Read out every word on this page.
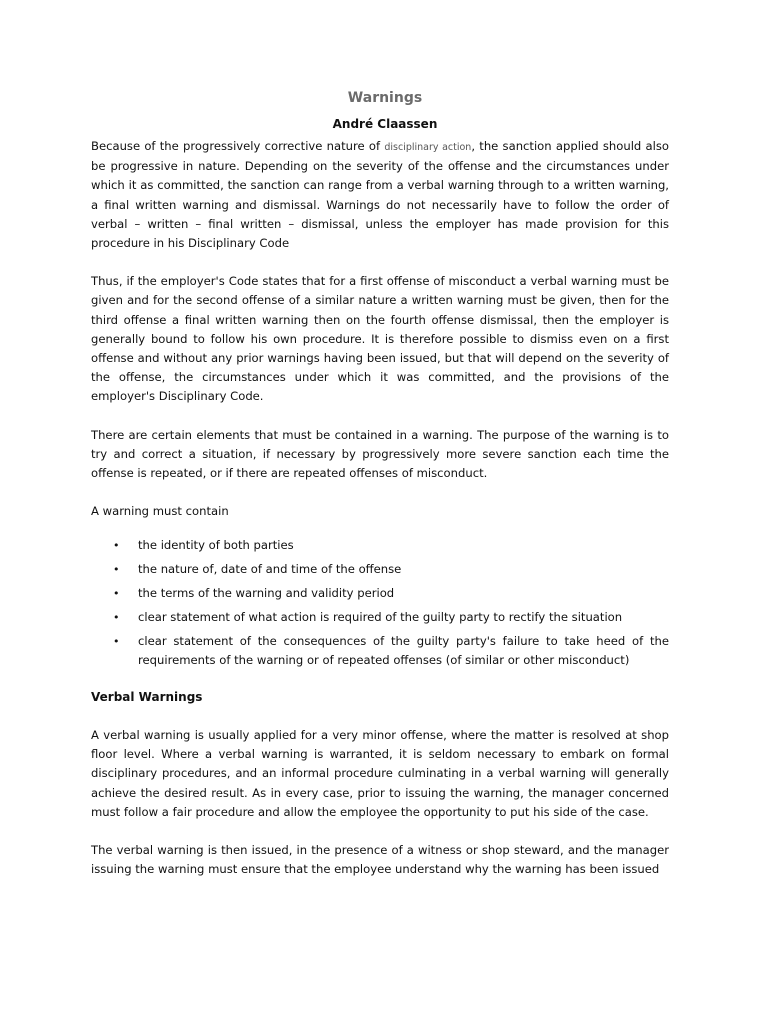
Warnings
André Claassen

Because of the progressively corrective nature of disciplinary action, the sanction applied should also be progressive in nature. Depending on the severity of the offense and the circumstances under which it as committed, the sanction can range from a verbal warning through to a written warning, a final written warning and dismissal. Warnings do not necessarily have to follow the order of verbal – written – final written – dismissal, unless the employer has made provision for this procedure in his Disciplinary Code

Thus, if the employer's Code states that for a first offense of misconduct a verbal warning must be given and for the second offense of a similar nature a written warning must be given, then for the third offense a final written warning then on the fourth offense dismissal, then the employer is generally bound to follow his own procedure. It is therefore possible to dismiss even on a first offense and without any prior warnings having been issued, but that will depend on the severity of the offense, the circumstances under which it was committed, and the provisions of the employer's Disciplinary Code.

There are certain elements that must be contained in a warning. The purpose of the warning is to try and correct a situation, if necessary by progressively more severe sanction each time the offense is repeated, or if there are repeated offenses of misconduct.

A warning must contain

• the identity of both parties
• the nature of, date of and time of the offense
• the terms of the warning and validity period
• clear statement of what action is required of the guilty party to rectify the situation
• clear statement of the consequences of the guilty party's failure to take heed of the requirements of the warning or of repeated offenses (of similar or other misconduct)
Verbal Warnings

A verbal warning is usually applied for a very minor offense, where the matter is resolved at shop floor level. Where a verbal warning is warranted, it is seldom necessary to embark on formal disciplinary procedures, and an informal procedure culminating in a verbal warning will generally achieve the desired result. As in every case, prior to issuing the warning, the manager concerned must follow a fair procedure and allow the employee the opportunity to put his side of the case.

The verbal warning is then issued, in the presence of a witness or shop steward, and the manager issuing the warning must ensure that the employee understand why the warning has been issued
